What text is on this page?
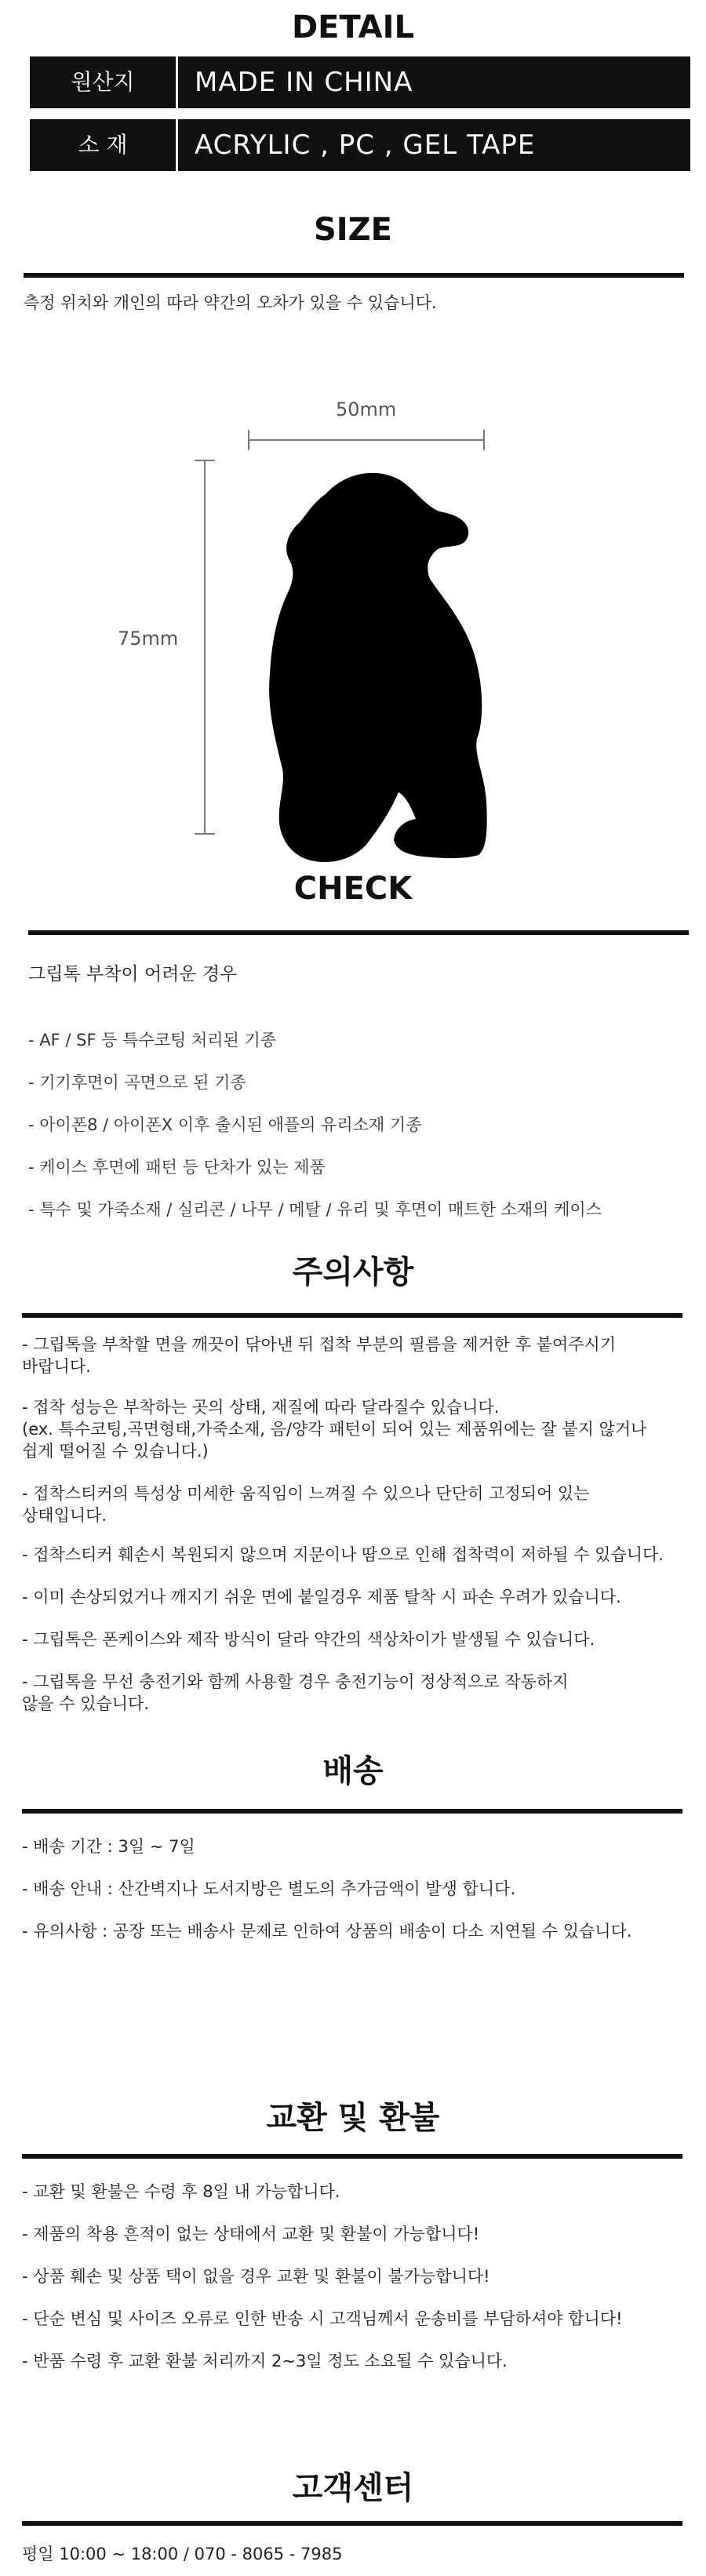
DETAIL
원산지	MADE IN CHINA
소 재	ACRYLIC , PC , GEL TAPE
SIZE
측정 위치와 개인의 따라 약간의 오차가 있을 수 있습니다.
50mm
75mm
CHECK
그립톡 부착이 어려운 경우
- AF / SF 등 특수코팅 처리된 기종
- 기기후면이 곡면으로 된 기종
- 아이폰8 / 아이폰X 이후 출시된 애플의 유리소재 기종
- 케이스 후면에 패턴 등 단차가 있는 제품
- 특수 및 가죽소재 / 실리콘 / 나무 / 메탈 / 유리 및 후면이 매트한 소재의 케이스
주의사항
- 그립톡을 부착할 면을 깨끗이 닦아낸 뒤 접착 부분의 필름을 제거한 후 붙여주시기
바랍니다.
- 접착 성능은 부착하는 곳의 상태, 재질에 따라 달라질수 있습니다.
(ex. 특수코팅,곡면형태,가죽소재, 음/양각 패턴이 되어 있는 제품위에는 잘 붙지 않거나
쉽게 떨어질 수 있습니다.)
- 접착스티커의 특성상 미세한 움직임이 느껴질 수 있으나 단단히 고정되어 있는
상태입니다.
- 접착스티커 훼손시 복원되지 않으며 지문이나 땀으로 인해 접착력이 저하될 수 있습니다.
- 이미 손상되었거나 깨지기 쉬운 면에 붙일경우 제품 탈착 시 파손 우려가 있습니다.
- 그립톡은 폰케이스와 제작 방식이 달라 약간의 색상차이가 발생될 수 있습니다.
- 그립톡을 무선 충전기와 함께 사용할 경우 충전기능이 정상적으로 작동하지
않을 수 있습니다.
배송
- 배송 기간 : 3일 ~ 7일
- 배송 안내 : 산간벽지나 도서지방은 별도의 추가금액이 발생 합니다.
- 유의사항 : 공장 또는 배송사 문제로 인하여 상품의 배송이 다소 지연될 수 있습니다.
교환 및 환불
- 교환 및 환불은 수령 후 8일 내 가능합니다.
- 제품의 착용 흔적이 없는 상태에서 교환 및 환불이 가능합니다!
- 상품 훼손 및 상품 택이 없을 경우 교환 및 환불이 불가능합니다!
- 단순 변심 및 사이즈 오류로 인한 반송 시 고객님께서 운송비를 부담하셔야 합니다!
- 반품 수령 후 교환 환불 처리까지 2~3일 정도 소요될 수 있습니다.
고객센터
평일 10:00 ~ 18:00 / 070 - 8065 - 7985
